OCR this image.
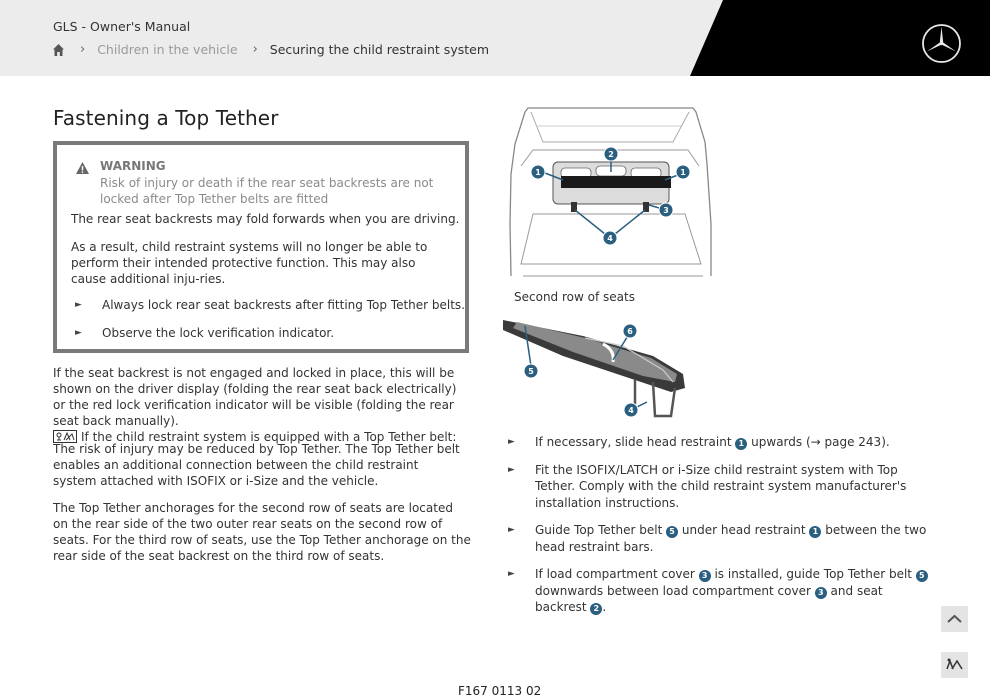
GLS - Owner's Manual
› Children in the vehicle › Securing the child restraint system
Fastening a Top Tether
WARNING
Risk of injury or death if the rear seat backrests are not locked after Top Tether belts are fitted
The rear seat backrests may fold forwards when you are driving.
As a result, child restraint systems will no longer be able to perform their intended protective function. This may also cause additional inju-ries.
► Always lock rear seat backrests after fitting Top Tether belts.
► Observe the lock verification indicator.
If the seat backrest is not engaged and locked in place, this will be shown on the driver display (folding the rear seat back electrically) or the red lock verification indicator will be visible (folding the rear seat back manually).

If the child restraint system is equipped with a Top Tether belt:
The risk of injury may be reduced by Top Tether. The Top Tether belt enables an additional connection between the child restraint system attached with ISOFIX or i-Size and the vehicle.
The Top Tether anchorages for the second row of seats are located on the rear side of the two outer rear seats on the second row of seats. For the third row of seats, use the Top Tether anchorage on the rear side of the seat backrest on the third row of seats.
1
2
1
3
4
Second row of seats
6
5
4
► If necessary, slide head restraint 1 upwards (→ page 243).
► Fit the ISOFIX/LATCH or i-Size child restraint system with Top Tether. Comply with the child restraint system manufacturer's installation instructions.
► Guide Top Tether belt 5 under head restraint 1 between the two head restraint bars.
► If load compartment cover 3 is installed, guide Top Tether belt 5 downwards between load compartment cover 3 and seat backrest 2 .
F167 0113 02
